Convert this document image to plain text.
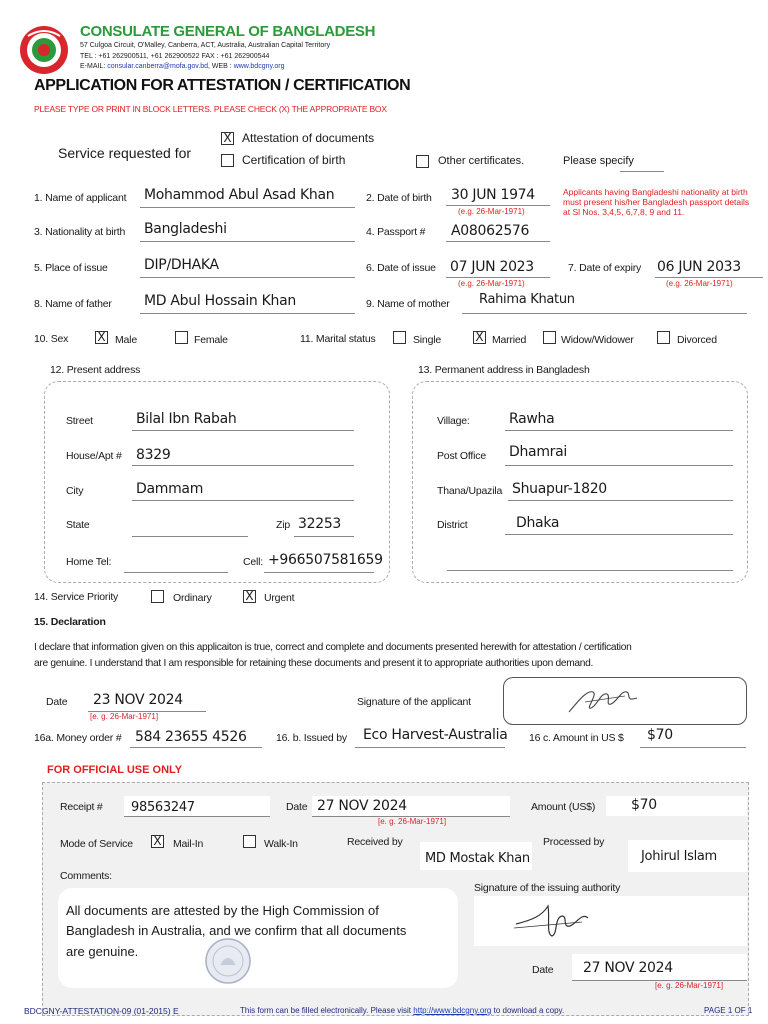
CONSULATE GENERAL OF BANGLADESH
57 Culgoa Circuit, O'Malley, Canberra, ACT, Australia, Australian Capital Territory
TEL : +61 262900511, +61 262900522 FAX : +61 262900544
E-MAIL: consular.canberra@mofa.gov.bd, WEB : www.bdcgny.org
APPLICATION FOR ATTESTATION / CERTIFICATION
PLEASE TYPE OR PRINT IN BLOCK LETTERS. PLEASE CHECK (X) THE APPROPRIATE BOX
Service requested for
X Attestation of documents
Certification of birth	Other certificates.	Please specify
1. Name of applicant Mohammod Abul Asad Khan	2. Date of birth 30 JUN 1974
(e.g. 26-Mar-1971)
Applicants having Bangladeshi nationality at birth must present his/her Bangladesh passport details at Sl Nos. 3,4,5, 6,7,8, 9 and 11.
3. Nationality at birth Bangladeshi	4. Passport # A08062576
5. Place of issue	DIP/DHAKA	6. Date of issue 07 JUN 2023
(e.g. 26-Mar-1971)
7. Date of expiry 06 JUN 2033
(e.g. 26-Mar-1971)
8. Name of father MD Abul Hossain Khan	9. Name of mother Rahima Khatun
10. Sex X Male	Female	11. Marital status	Single	X Married	Widow/Widower	Divorced
12. Present address	13. Permanent address in Bangladesh
Street	Bilal Ibn Rabah
House/Apt # 8329
City	Dammam
State	Zip 32253
Home Tel:	Cell: +966507581659
Village:	Rawha
Post Office Dhamrai
Thana/Upazila Shuapur-1820
District	Dhaka
14. Service Priority	Ordinary	X Urgent
15. Declaration
I declare that information given on this applicaiton is true, correct and complete and documents presented herewith for attestation / certification
are genuine. I understand that I am responsible for retaining these documents and present it to appropriate authorities upon demand.
Date 23 NOV 2024
[e. g. 26-Mar-1971]
Signature of the applicant
16a. Money order # 584 23655 4526	16. b. Issued by Eco Harvest-Australia 16 c. Amount in US $ $70
FOR OFFICIAL USE ONLY
Receipt # 98563247	Date 27 NOV 2024
[e. g. 26-Mar-1971]
Amount (US$)	$70
Mode of Service X Mail-In	Walk-In	Received by
MD Mostak Khan
Processed by
Johirul Islam
Comments:
All documents are attested by the High Commission of
Bangladesh in Australia, and we confirm that all documents
are genuine.
Signature of the issuing authority
Date 27 NOV 2024
[e. g. 26-Mar-1971]
BDCGNY-ATTESTATION-09 (01-2015) E	This form can be filled electronically. Please visit http://www.bdcgny.org to download a copy.	PAGE 1 OF 1
